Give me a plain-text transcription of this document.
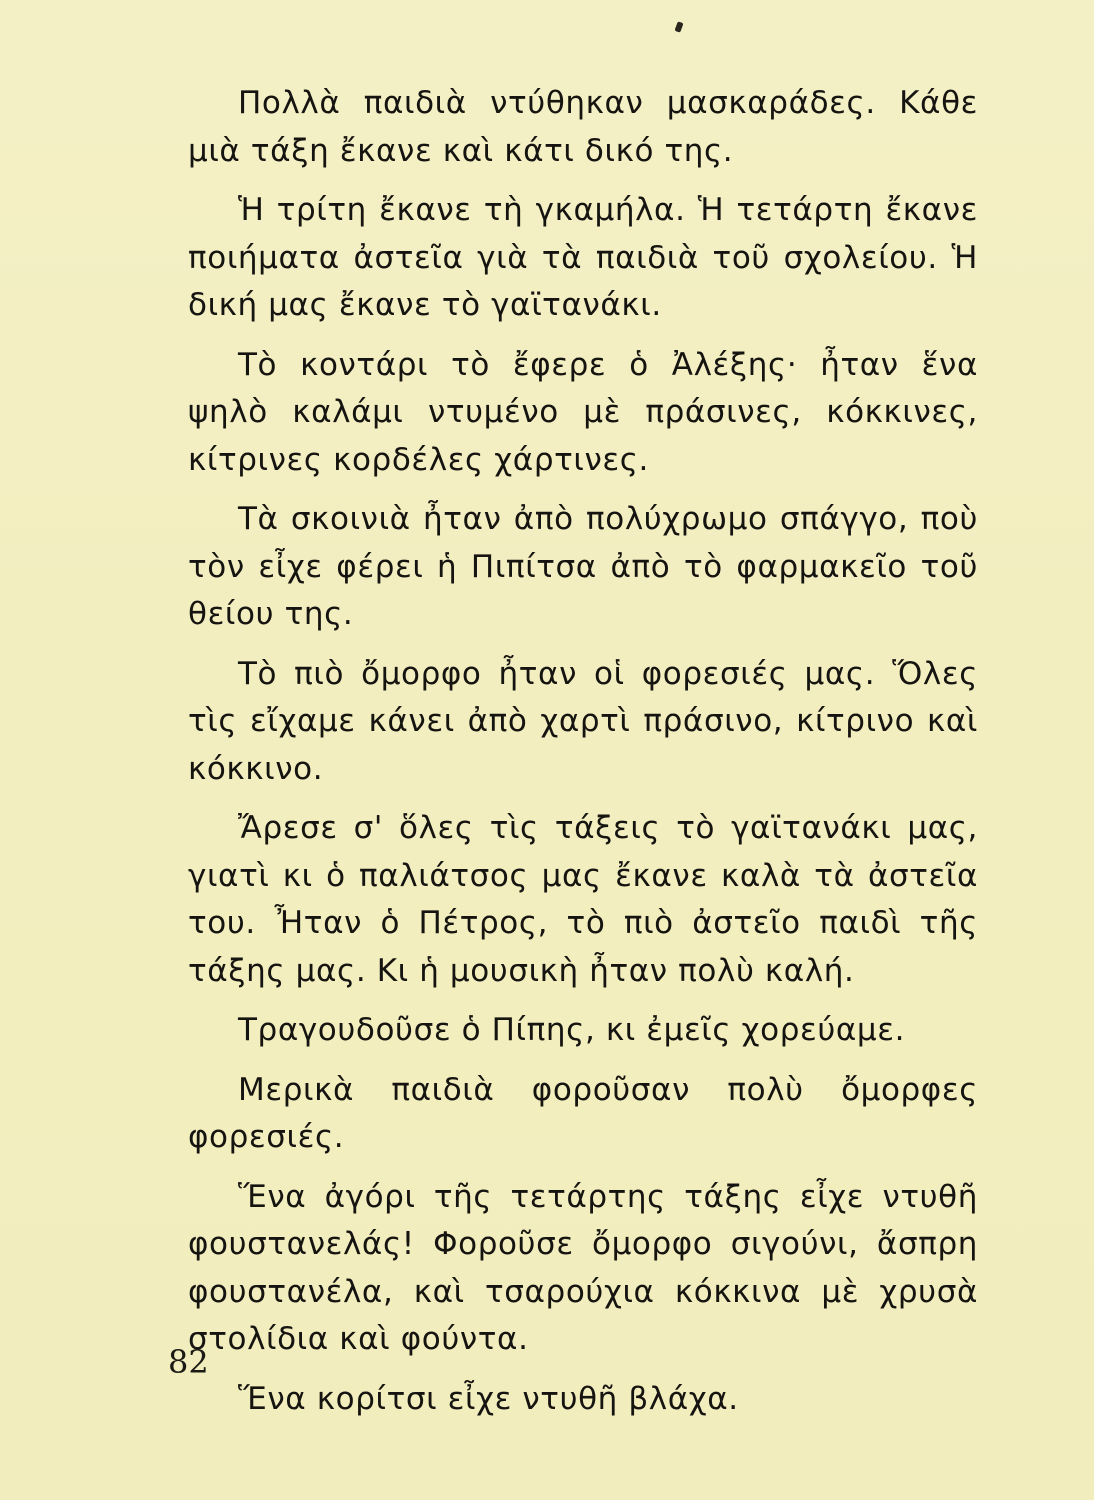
Πολλὰ παιδιὰ ντύθηκαν μασκαράδες. Κάθε μιὰ τάξη ἔκανε καὶ κάτι δικό της.

Ἡ τρίτη ἔκανε τὴ γκαμήλα. Ἡ τετάρτη ἔκανε ποιήματα ἀστεῖα γιὰ τὰ παιδιὰ τοῦ σχολείου. Ἡ δική μας ἔκανε τὸ γαϊτανάκι.

Τὸ κοντάρι τὸ ἔφερε ὁ Ἀλέξης· ἦταν ἕνα ψηλὸ καλάμι ντυμένο μὲ πράσινες, κόκκινες, κίτρινες κορδέλες χάρτινες.

Τὰ σκοινιὰ ἦταν ἀπὸ πολύχρωμο σπάγγο, ποὺ τὸν εἶχε φέρει ἡ Πιπίτσα ἀπὸ τὸ φαρμακεῖο τοῦ θείου της.

Τὸ πιὸ ὄμορφο ἦταν οἱ φορεσιές μας. Ὅλες τὶς εἴχαμε κάνει ἀπὸ χαρτὶ πράσινο, κίτρινο καὶ κόκκινο.

Ἄρεσε σ' ὅλες τὶς τάξεις τὸ γαϊτανάκι μας, γιατὶ κι ὁ παλιάτσος μας ἔκανε καλὰ τὰ ἀστεῖα του. Ἦταν ὁ Πέτρος, τὸ πιὸ ἀστεῖο παιδὶ τῆς τάξης μας. Κι ἡ μουσικὴ ἦταν πολὺ καλή.

Τραγουδοῦσε ὁ Πίπης, κι ἐμεῖς χορεύαμε.

Μερικὰ παιδιὰ φοροῦσαν πολὺ ὄμορφες φορεσιές.

Ἕνα ἀγόρι τῆς τετάρτης τάξης εἶχε ντυθῆ φουστανελάς! Φοροῦσε ὄμορφο σιγούνι, ἄσπρη φουστανέλα, καὶ τσαρούχια κόκκινα μὲ χρυσὰ στολίδια καὶ φούντα.

Ἕνα κορίτσι εἶχε ντυθῆ βλάχα.

82
